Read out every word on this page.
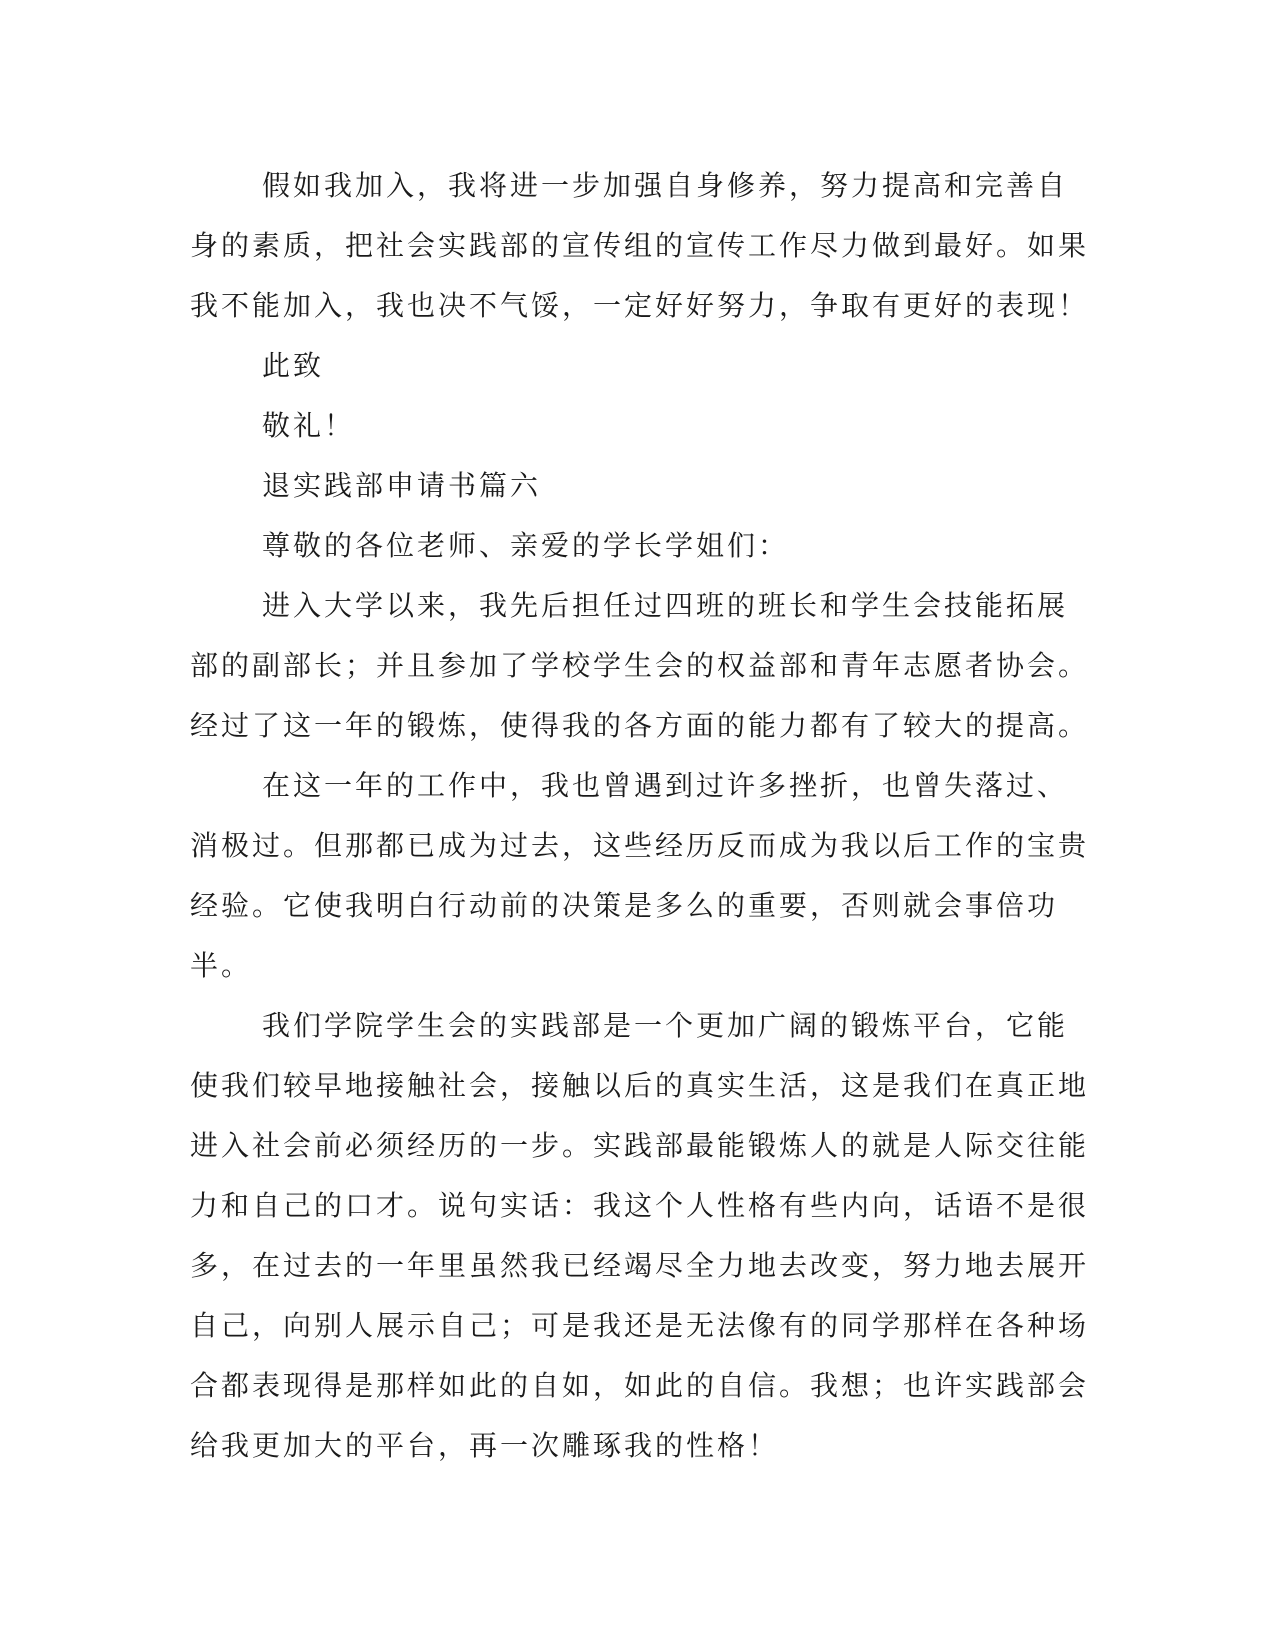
假如我加入，我将进一步加强自身修养，努力提高和完善自身的素质，把社会实践部的宣传组的宣传工作尽力做到最好。如果我不能加入，我也决不气馁，一定好好努力，争取有更好的表现！

此致

敬礼！

退实践部申请书篇六

尊敬的各位老师、亲爱的学长学姐们：

进入大学以来，我先后担任过四班的班长和学生会技能拓展部的副部长；并且参加了学校学生会的权益部和青年志愿者协会。经过了这一年的锻炼，使得我的各方面的能力都有了较大的提高。

在这一年的工作中，我也曾遇到过许多挫折，也曾失落过、消极过。但那都已成为过去，这些经历反而成为我以后工作的宝贵经验。它使我明白行动前的决策是多么的重要，否则就会事倍功半。

我们学院学生会的实践部是一个更加广阔的锻炼平台，它能使我们较早地接触社会，接触以后的真实生活，这是我们在真正地进入社会前必须经历的一步。实践部最能锻炼人的就是人际交往能力和自己的口才。说句实话：我这个人性格有些内向，话语不是很多，在过去的一年里虽然我已经竭尽全力地去改变，努力地去展开自己，向别人展示自己；可是我还是无法像有的同学那样在各种场合都表现得是那样如此的自如，如此的自信。我想；也许实践部会给我更加大的平台，再一次雕琢我的性格！
